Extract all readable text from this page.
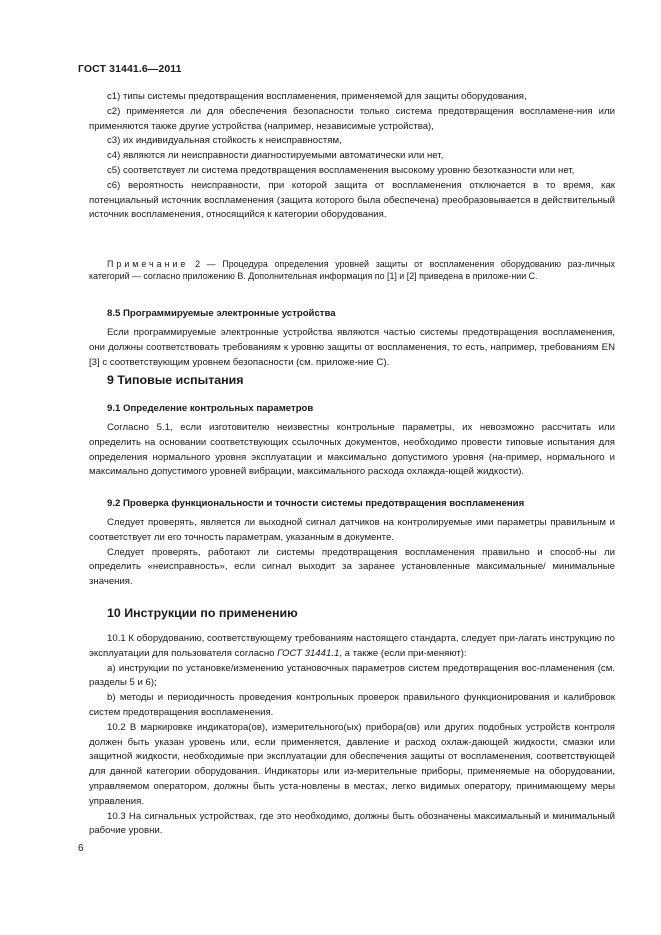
ГОСТ 31441.6—2011

с1) типы системы предотвращения воспламенения, применяемой для защиты оборудования,

с2) применяется ли для обеспечения безопасности только система предотвращения воспламене-ния или применяются также другие устройства (например, независимые устройства),

с3) их индивидуальная стойкость к неисправностям,

с4) являются ли неисправности диагностируемыми автоматически или нет,

с5) соответствует ли система предотвращения воспламенения высокому уровню безотказности или нет,

с6) вероятность неисправности, при которой защита от воспламенения отключается в то время, как потенциальный источник воспламенения (защита которого была обеспечена) преобразовывается в действительный источник воспламенения, относящийся к категории оборудования.

Примечание 2 — Процедура определения уровней защиты от воспламенения оборудованию раз-личных категорий — согласно приложению В. Дополнительная информация по [1] и [2] приведена в приложе-нии С.
8.5 Программируемые электронные устройства

Если программируемые электронные устройства являются частью системы предотвращения воспламенения, они должны соответствовать требованиям к уровню защиты от воспламенения, то есть, например, требованиям EN [3] с соответствующим уровнем безопасности (см. приложе-ние С).

9 Типовые испытания
9.1 Определение контрольных параметров

Согласно 5.1, если изготовителю неизвестны контрольные параметры, их невозможно рассчитать или определить на основании соответствующих ссылочных документов, необходимо провести типовые испытания для определения нормального уровня эксплуатации и максимально допустимого уровня (на-пример, нормального и максимально допустимого уровней вибрации, максимального расхода охлажда-ющей жидкости).

9.2 Проверка функциональности и точности системы предотвращения воспламенения

Следует проверять, является ли выходной сигнал датчиков на контролируемые ими параметры правильным и соответствует ли его точность параметрам, указанным в документе.

Следует проверять, работают ли системы предотвращения воспламенения правильно и способ-ны ли определить «неисправность», если сигнал выходит за заранее установленные максимальные/ минимальные значения.

10 Инструкции по применению

10.1 К оборудованию, соответствующему требованиям настоящего стандарта, следует при-лагать инструкцию по эксплуатации для пользователя согласно ГОСТ 31441.1, а также (если при-меняют):

а) инструкции по установке/изменению установочных параметров систем предотвращения вос-пламенения (см. разделы 5 и 6);

b) методы и периодичность проведения контрольных проверок правильного функционирования и калибровок систем предотвращения воспламенения.

10.2 В маркировке индикатора(ов), измерительного(ых) прибора(ов) или других подобных устройств контроля должен быть указан уровень или, если применяется, давление и расход охлаж-дающей жидкости, смазки или защитной жидкости, необходимые при эксплуатации для обеспечения защиты от воспламенения, соответствующей для данной категории оборудования. Индикаторы или из-мерительные приборы, применяемые на оборудовании, управляемом оператором, должны быть уста-новлены в местах, легко видимых оператору, принимающему меры управления.

10.3 На сигнальных устройствах, где это необходимо, должны быть обозначены максимальный и минимальный рабочие уровни.

6
